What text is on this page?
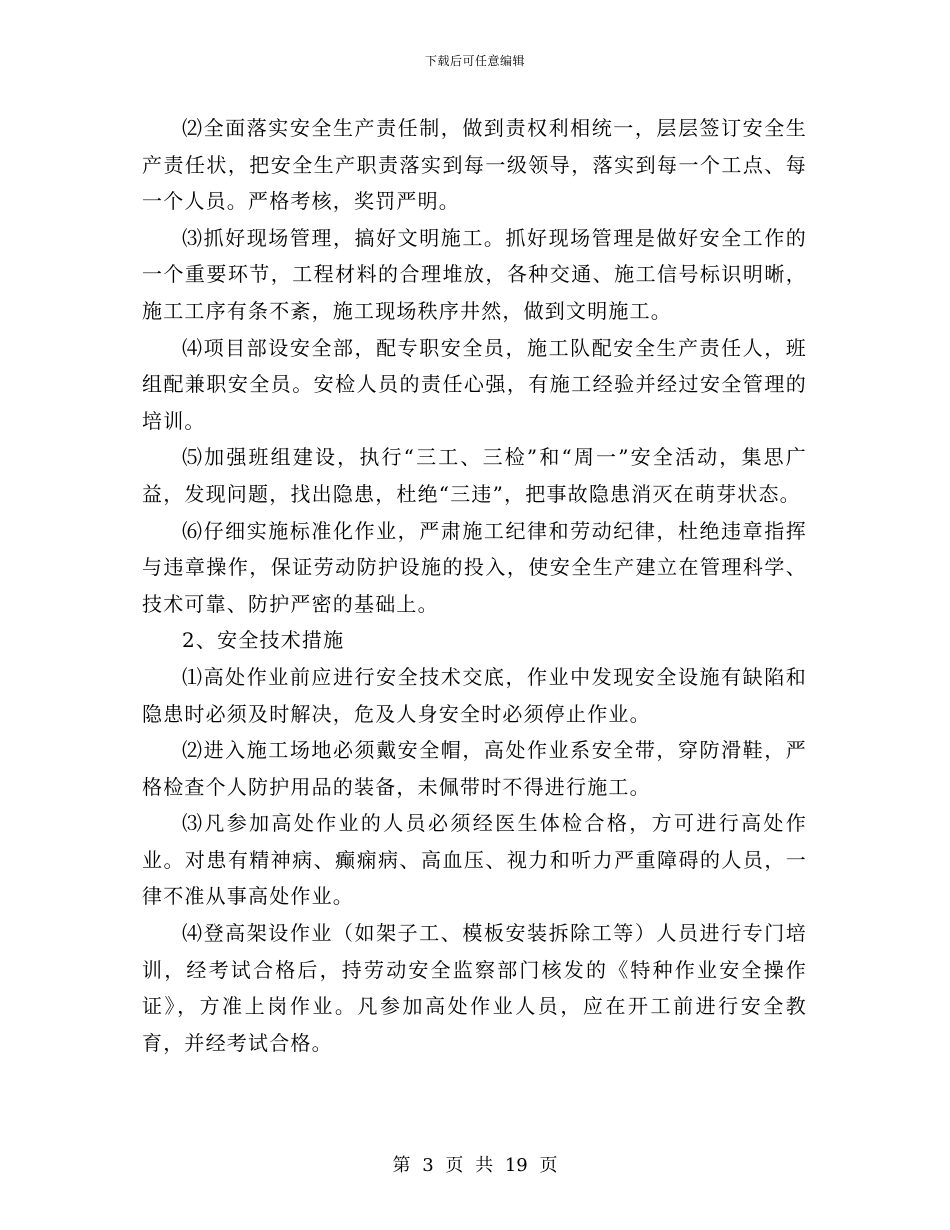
下载后可任意编辑

⑵全面落实安全生产责任制，做到责权利相统一，层层签订安全生产责任状，把安全生产职责落实到每一级领导，落实到每一个工点、每一个人员。严格考核，奖罚严明。

⑶抓好现场管理，搞好文明施工。抓好现场管理是做好安全工作的一个重要环节，工程材料的合理堆放，各种交通、施工信号标识明晰，施工工序有条不紊，施工现场秩序井然，做到文明施工。

⑷项目部设安全部，配专职安全员，施工队配安全生产责任人，班组配兼职安全员。安检人员的责任心强，有施工经验并经过安全管理的培训。

⑸加强班组建设，执行“三工、三检”和“周一”安全活动，集思广益，发现问题，找出隐患，杜绝“三违”，把事故隐患消灭在萌芽状态。

⑹仔细实施标准化作业，严肃施工纪律和劳动纪律，杜绝违章指挥与违章操作，保证劳动防护设施的投入，使安全生产建立在管理科学、技术可靠、防护严密的基础上。

2、安全技术措施

⑴高处作业前应进行安全技术交底，作业中发现安全设施有缺陷和隐患时必须及时解决，危及人身安全时必须停止作业。

⑵进入施工场地必须戴安全帽，高处作业系安全带，穿防滑鞋，严格检查个人防护用品的装备，未佩带时不得进行施工。

⑶凡参加高处作业的人员必须经医生体检合格，方可进行高处作业。对患有精神病、癫痫病、高血压、视力和听力严重障碍的人员，一律不准从事高处作业。

⑷登高架设作业（如架子工、模板安装拆除工等）人员进行专门培训，经考试合格后，持劳动安全监察部门核发的《特种作业安全操作证》，方准上岗作业。凡参加高处作业人员，应在开工前进行安全教育，并经考试合格。

第 3 页 共 19 页
